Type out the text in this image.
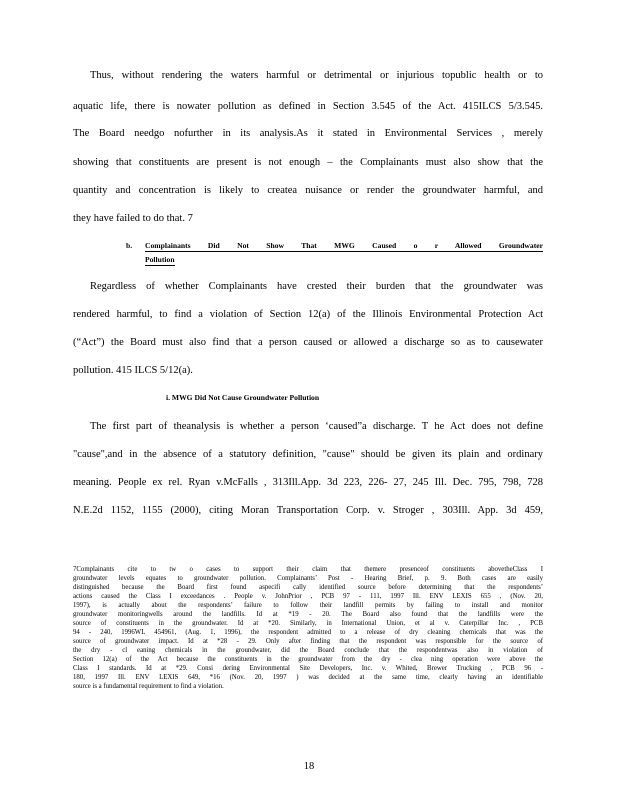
Thus, without rendering the waters harmful or detrimental or injurious topublic health or to
aquatic life, there is nowater pollution as defined in Section 3.545 of the Act. 415ILCS 5/3.545.
The Board needgo nofurther in its analysis.As it stated in Environmental Services , merely
showing that constituents are present is not enough – the Complainants must also show that the
quantity and concentration is likely to createa nuisance or render the groundwater harmful, and
they have failed to do that. 7
b. Complainants Did Not Show That MWG Caused o r Allowed Groundwater
Pollution
Regardless of whether Complainants have crested their burden that the groundwater was
rendered harmful, to find a violation of Section 12(a) of the Illinois Environmental Protection Act
(“Act”) the Board must also find that a person caused or allowed a discharge so as to causewater
pollution. 415 ILCS 5/12(a).
i. MWG Did Not Cause Groundwater Pollution
The first part of theanalysis is whether a person ‘caused”a discharge. T he Act does not define
"cause",and in the absence of a statutory definition, "cause" should be given its plain and ordinary
meaning. People ex rel. Ryan v.McFalls , 313Ill.App. 3d 223, 226- 27, 245 Ill. Dec. 795, 798, 728
N.E.2d 1152, 1155 (2000), citing Moran Transportation Corp. v. Stroger , 303Ill. App. 3d 459,
7Complainants cite to tw o cases to support their claim that themere presenceof constituents abovetheClass I
groundwater levels equates to groundwater pollution. Complainants’ Post - Hearing Brief, p. 9. Both cases are easily
distinguished because the Board first found aspecifi cally identified source before determining that the respondents’
actions caused the Class I exceedances . People v. JohnPrior , PCB 97 - 111, 1997 Ill. ENV LEXIS 655 , (Nov. 20,
1997), is actually about the respondents’ failure to follow their landfill permits by failing to install and monitor
groundwater monitoringwells around the landfills. Id at *19 - 20. The Board also found that the landfills were the
source of constituents in the groundwater. Id at *20. Similarly, in International Union, et al v. Caterpillar Inc. , PCB
94 - 240, 1996WL 454961, (Aug. 1, 1996), the respondent admitted to a release of dry cleaning chemicals that was the
source of groundwater impact. Id at *28 - 29. Only after finding that the respondent was responsible for the source of
the dry - cl eaning chemicals in the groundwater, did the Board conclude that the respondentwas also in violation of
Section 12(a) of the Act because the constituents in the groundwater from the dry - clea ning operation were above the
Class I standards. Id at *29. Consi dering Environmental Site Developers, Inc. v. Whited, Brewer Trucking , PCB 96 -
180, 1997 Ill. ENV LEXIS 649, *16 (Nov. 20, 1997 ) was decided at the same time, clearly having an identifiable
source is a fundamental requirement to find a violation.
18
